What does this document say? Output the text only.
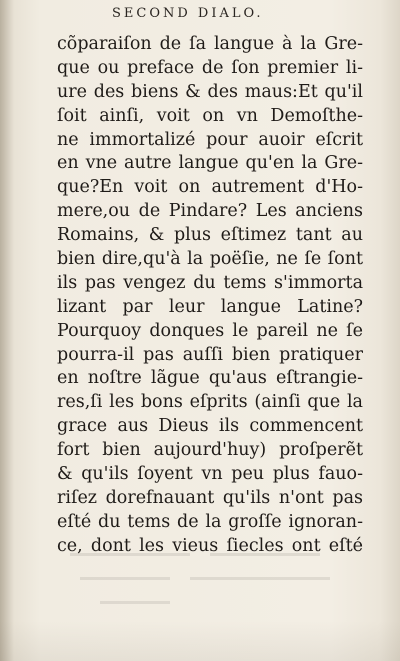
SECOND DIALO.
cõparaiſon de ſa langue à la Gre-
que ou preface de ſon premier li-
ure des biens & des maus:Et qu'il
ſoit ainſi, voit on vn Demoſthe-
ne immortalizé pour auoir eſcrit
en vne autre langue qu'en la Gre-
que?En voit on autrement d'Ho-
mere,ou de Pindare? Les anciens
Romains, & plus eſtimez tant au
bien dire,qu'à la poëſie, ne ſe ſont
ils pas vengez du tems s'immorta
lizant par leur langue Latine?
Pourquoy donques le pareil ne ſe
pourra-il pas auſſi bien pratiquer
en noſtre lãgue qu'aus eſtrangie-
res,ſi les bons eſprits (ainſi que la
grace aus Dieus ils commencent
fort bien aujourd'huy) proſperẽt
& qu'ils ſoyent vn peu plus fauo-
riſez dorefnauant qu'ils n'ont pas
eſté du tems de la groſſe ignoran-
ce, dont les vieus ſiecles ont eſté
